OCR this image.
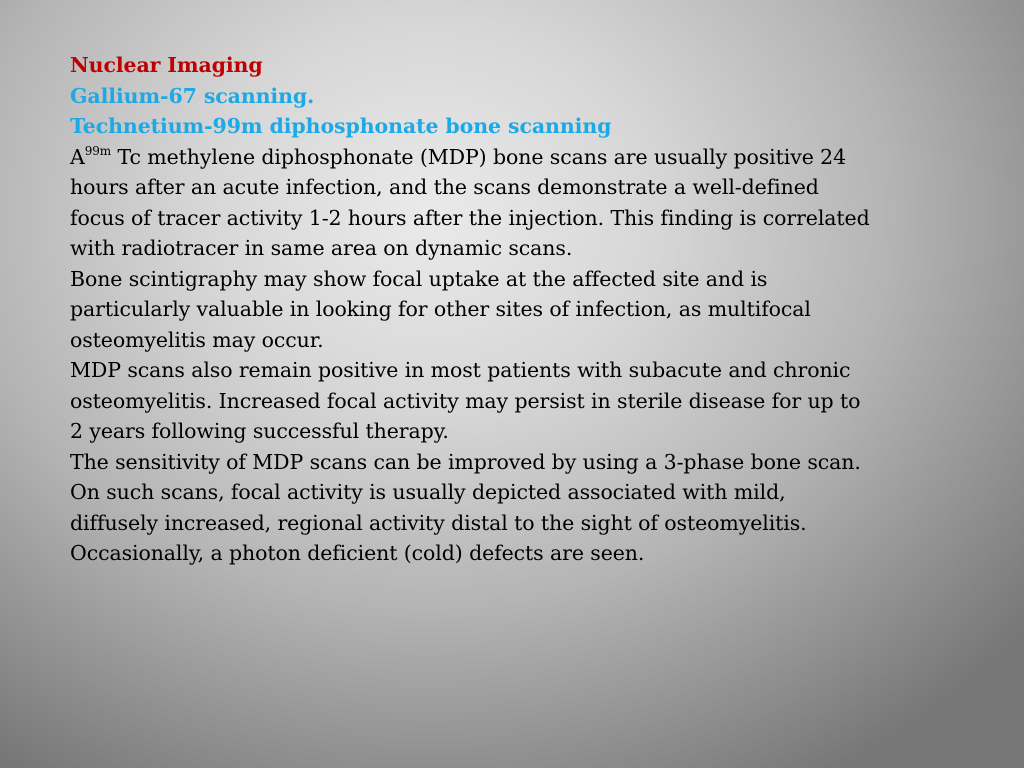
Nuclear Imaging
Gallium-67 scanning.
Technetium-99m diphosphonate bone scanning
$A^{99m}$ Tc methylene diphosphonate (MDP) bone scans are usually positive 24
hours after an acute infection, and the scans demonstrate a well-defined
focus of tracer activity 1-2 hours after the injection. This finding is correlated
with radiotracer in same area on dynamic scans.
Bone scintigraphy may show focal uptake at the affected site and is
particularly valuable in looking for other sites of infection, as multifocal
osteomyelitis may occur.
MDP scans also remain positive in most patients with subacute and chronic
osteomyelitis. Increased focal activity may persist in sterile disease for up to
2 years following successful therapy.
The sensitivity of MDP scans can be improved by using a 3-phase bone scan.
On such scans, focal activity is usually depicted associated with mild,
diffusely increased, regional activity distal to the sight of osteomyelitis.
Occasionally, a photon deficient (cold) defects are seen.
